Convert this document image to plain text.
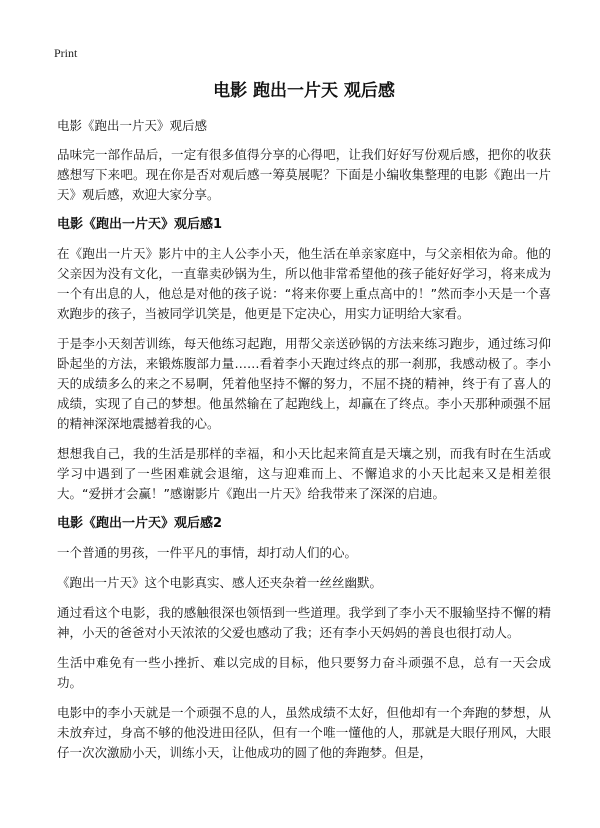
Print
电影 跑出一片天 观后感
电影《跑出一片天》观后感

品味完一部作品后，一定有很多值得分享的心得吧，让我们好好写份观后感，把你的收获感想写下来吧。现在你是否对观后感一筹莫展呢？下面是小编收集整理的电影《跑出一片天》观后感，欢迎大家分享。

电影《跑出一片天》观后感1

在《跑出一片天》影片中的主人公李小天，他生活在单亲家庭中，与父亲相依为命。他的父亲因为没有文化，一直靠卖砂锅为生，所以他非常希望他的孩子能好好学习，将来成为一个有出息的人，他总是对他的孩子说：“将来你要上重点高中的！”然而李小天是一个喜欢跑步的孩子，当被同学讥笑是，他更是下定决心，用实力证明给大家看。

于是李小天刻苦训练，每天他练习起跑，用帮父亲送砂锅的方法来练习跑步，通过练习仰卧起坐的方法，来锻炼腹部力量……看着李小天跑过终点的那一刹那，我感动极了。李小天的成绩多么的来之不易啊，凭着他坚持不懈的努力，不屈不挠的精神，终于有了喜人的成绩，实现了自己的梦想。他虽然输在了起跑线上，却赢在了终点。李小天那种顽强不屈的精神深深地震撼着我的心。

想想我自己，我的生活是那样的幸福，和小天比起来简直是天壤之别，而我有时在生活或学习中遇到了一些困难就会退缩，这与迎难而上、不懈追求的小天比起来又是相差很大。“爱拼才会赢！”感谢影片《跑出一片天》给我带来了深深的启迪。

电影《跑出一片天》观后感2

一个普通的男孩，一件平凡的事情，却打动人们的心。

《跑出一片天》这个电影真实、感人还夹杂着一丝丝幽默。

通过看这个电影，我的感触很深也领悟到一些道理。我学到了李小天不服输坚持不懈的精神，小天的爸爸对小天浓浓的父爱也感动了我；还有李小天妈妈的善良也很打动人。

生活中难免有一些小挫折、难以完成的目标，他只要努力奋斗顽强不息，总有一天会成功。

电影中的李小天就是一个顽强不息的人，虽然成绩不太好，但他却有一个奔跑的梦想，从未放弃过，身高不够的他没进田径队，但有一个唯一懂他的人，那就是大眼仔刑风，大眼仔一次次激励小天，训练小天，让他成功的圆了他的奔跑梦。但是，
